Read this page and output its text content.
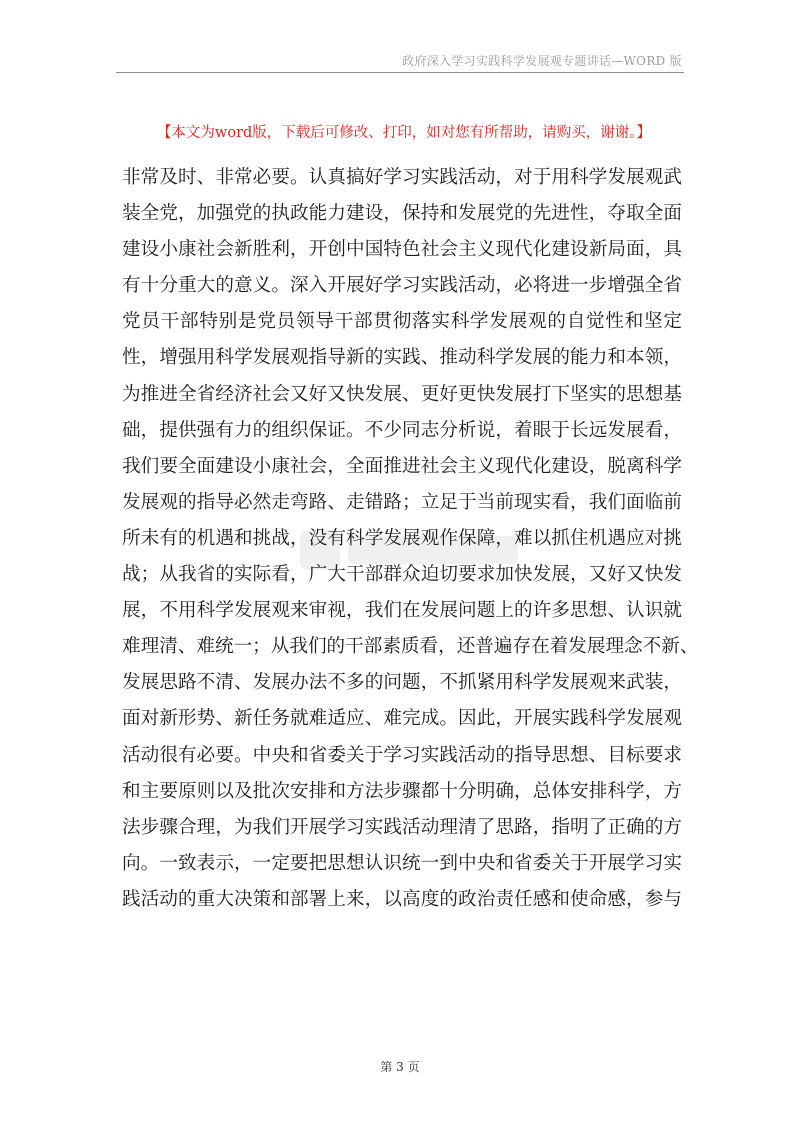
政府深入学习实践科学发展观专题讲话—WORD 版
【本文为word版，下载后可修改、打印，如对您有所帮助，请购买，谢谢。】
非常及时、非常必要。认真搞好学习实践活动，对于用科学发展观武
装全党，加强党的执政能力建设，保持和发展党的先进性，夺取全面
建设小康社会新胜利，开创中国特色社会主义现代化建设新局面，具
有十分重大的意义。深入开展好学习实践活动，必将进一步增强全省
党员干部特别是党员领导干部贯彻落实科学发展观的自觉性和坚定
性，增强用科学发展观指导新的实践、推动科学发展的能力和本领，
为推进全省经济社会又好又快发展、更好更快发展打下坚实的思想基
础，提供强有力的组织保证。不少同志分析说，着眼于长远发展看，
我们要全面建设小康社会，全面推进社会主义现代化建设，脱离科学
发展观的指导必然走弯路、走错路；立足于当前现实看，我们面临前
所未有的机遇和挑战，没有科学发展观作保障，难以抓住机遇应对挑
战；从我省的实际看，广大干部群众迫切要求加快发展，又好又快发
展，不用科学发展观来审视，我们在发展问题上的许多思想、认识就
难理清、难统一；从我们的干部素质看，还普遍存在着发展理念不新、
发展思路不清、发展办法不多的问题，不抓紧用科学发展观来武装，
面对新形势、新任务就难适应、难完成。因此，开展实践科学发展观
活动很有必要。中央和省委关于学习实践活动的指导思想、目标要求
和主要原则以及批次安排和方法步骤都十分明确，总体安排科学，方
法步骤合理，为我们开展学习实践活动理清了思路，指明了正确的方
向。一致表示，一定要把思想认识统一到中央和省委关于开展学习实
践活动的重大决策和部署上来，以高度的政治责任感和使命感，参与
第 3 页
